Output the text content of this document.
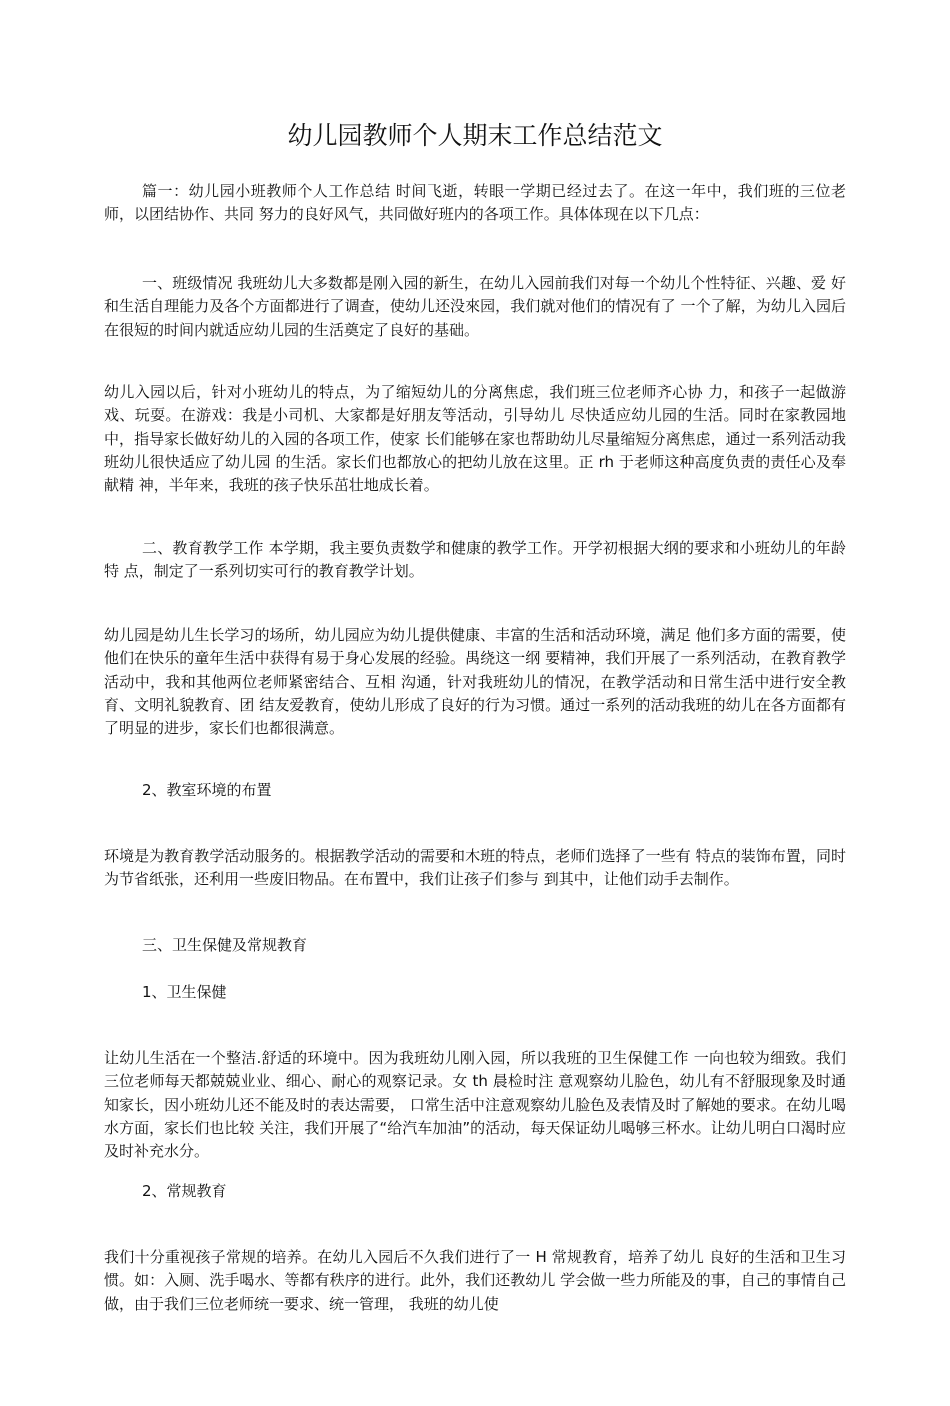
幼儿园教师个人期末工作总结范文

篇一：幼儿园小班教师个人工作总结 时间飞逝，转眼一学期已经过去了。在这一年中，我们班的三位老师，以团结协作、共同 努力的良好风气，共同做好班内的各项工作。具体体现在以下几点：

一、班级情况 我班幼儿大多数都是刚入园的新生，在幼儿入园前我们对每一个幼儿个性特征、兴趣、爱 好和生活自理能力及各个方面都进行了调查，使幼儿还没來园，我们就对他们的情况有了 一个了解，为幼儿入园后在很短的时间内就适应幼儿园的生活奠定了良好的基础。

幼儿入园以后，针对小班幼儿的特点，为了缩短幼儿的分离焦虑，我们班三位老师齐心协 力，和孩子一起做游戏、玩耍。在游戏：我是小司机、大家都是好朋友等活动，引导幼儿 尽快适应幼儿园的生活。同时在家教园地中，指导家长做好幼儿的入园的各项工作，使家 长们能够在家也帮助幼儿尽量缩短分离焦虑，通过一系列活动我班幼儿很快适应了幼儿园 的生活。家长们也都放心的把幼儿放在这里。正 rh 于老师这种高度负责的责任心及奉献精 神，半年来，我班的孩子快乐茁壮地成长着。

二、教育教学工作 本学期，我主要负责数学和健康的教学工作。开学初根据大纲的要求和小班幼儿的年龄特 点，制定了一系列切实可行的教育教学计划。

幼儿园是幼儿生长学习的场所，幼儿园应为幼儿提供健康、丰富的生活和活动环境，满足 他们多方面的需要，使他们在快乐的童年生活中获得有易于身心发展的经验。禺绕这一纲 要精神，我们开展了一系列活动，在教育教学活动中，我和其他两位老师紧密结合、互相 沟通，针对我班幼儿的情况，在教学活动和日常生活中进行安全教育、文明礼貌教育、团 结友爱教育，使幼儿形成了良好的行为习惯。通过一系列的活动我班的幼儿在各方面都有 了明显的进步，家长们也都很满意。

2、教室环境的布置

环境是为教育教学活动服务的。根据教学活动的需要和木班的特点，老师们选择了一些有 特点的装饰布置，同时为节省纸张，还利用一些废旧物品。在布置中，我们让孩子们参与 到其中，让他们动手去制作。

三、卫生保健及常规教育

1、卫生保健

让幼儿生活在一个整洁.舒适的环境中。因为我班幼儿刚入园，所以我班的卫生保健工作 一向也较为细致。我们三位老师每天都兢兢业业、细心、耐心的观察记录。女 th 晨检时注 意观察幼儿脸色，幼儿有不舒服现象及时通知家长，因小班幼儿还不能及时的表达需要， 口常生活中注意观察幼儿脸色及表情及时了解她的要求。在幼儿喝水方面，家长们也比较 关注，我们开展了“给汽车加油”的活动，每天保证幼儿喝够三杯水。让幼儿明白口渴时应 及时补充水分。

2、常规教育

我们十分重视孩子常规的培养。在幼儿入园后不久我们进行了一 H 常规教育，培养了幼儿 良好的生活和卫生习惯。如：入厕、洗手喝水、等都有秩序的进行。此外，我们还教幼儿 学会做一些力所能及的事，自己的事情自己做，由于我们三位老师统一要求、统一管理， 我班的幼儿使
